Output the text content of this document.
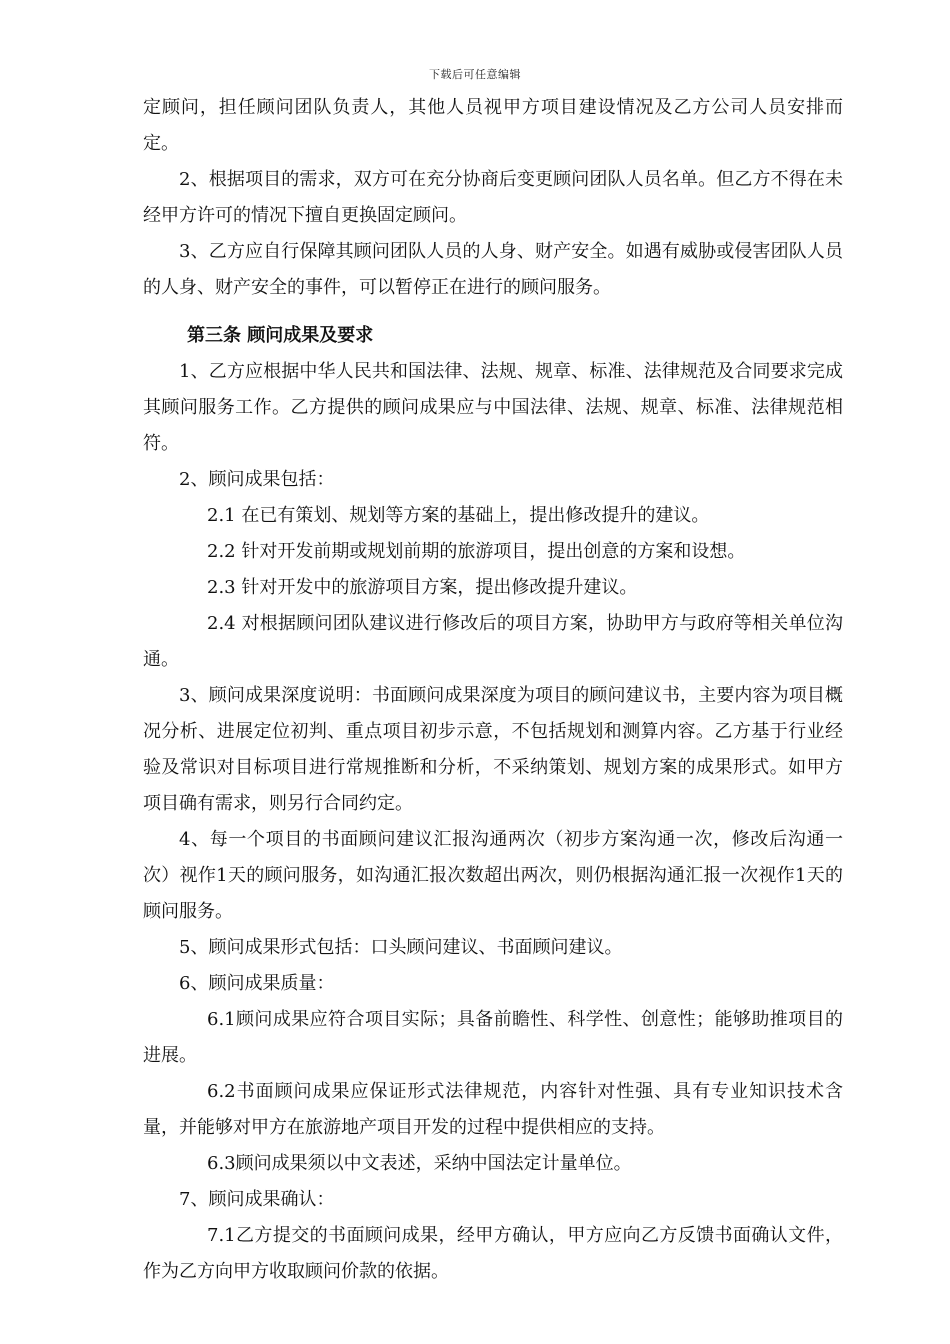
下载后可任意编辑

定顾问，担任顾问团队负责人，其他人员视甲方项目建设情况及乙方公司人员安排而定。

2、根据项目的需求，双方可在充分协商后变更顾问团队人员名单。但乙方不得在未经甲方许可的情况下擅自更换固定顾问。

3、乙方应自行保障其顾问团队人员的人身、财产安全。如遇有威胁或侵害团队人员的人身、财产安全的事件，可以暂停正在进行的顾问服务。

第三条 顾问成果及要求

1、乙方应根据中华人民共和国法律、法规、规章、标准、法律规范及合同要求完成其顾问服务工作。乙方提供的顾问成果应与中国法律、法规、规章、标准、法律规范相符。

2、顾问成果包括：

2.1 在已有策划、规划等方案的基础上，提出修改提升的建议。

2.2 针对开发前期或规划前期的旅游项目，提出创意的方案和设想。

2.3 针对开发中的旅游项目方案，提出修改提升建议。

2.4 对根据顾问团队建议进行修改后的项目方案，协助甲方与政府等相关单位沟通。

3、顾问成果深度说明：书面顾问成果深度为项目的顾问建议书，主要内容为项目概况分析、进展定位初判、重点项目初步示意，不包括规划和测算内容。乙方基于行业经验及常识对目标项目进行常规推断和分析，不采纳策划、规划方案的成果形式。如甲方项目确有需求，则另行合同约定。

4、每一个项目的书面顾问建议汇报沟通两次（初步方案沟通一次，修改后沟通一次）视作1天的顾问服务，如沟通汇报次数超出两次，则仍根据沟通汇报一次视作1天的顾问服务。

5、顾问成果形式包括：口头顾问建议、书面顾问建议。

6、顾问成果质量：

6.1顾问成果应符合项目实际；具备前瞻性、科学性、创意性；能够助推项目的进展。

6.2书面顾问成果应保证形式法律规范，内容针对性强、具有专业知识技术含量，并能够对甲方在旅游地产项目开发的过程中提供相应的支持。

6.3顾问成果须以中文表述，采纳中国法定计量单位。

7、顾问成果确认：

7.1乙方提交的书面顾问成果，经甲方确认，甲方应向乙方反馈书面确认文件，作为乙方向甲方收取顾问价款的依据。
